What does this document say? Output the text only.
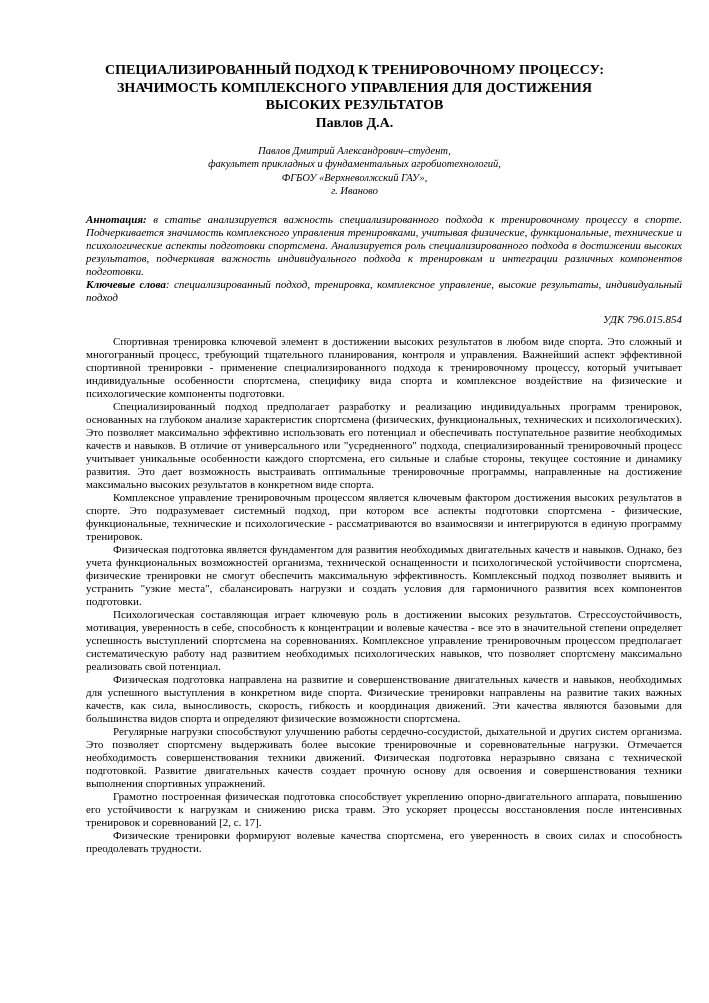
СПЕЦИАЛИЗИРОВАННЫЙ ПОДХОД К ТРЕНИРОВОЧНОМУ ПРОЦЕССУ:
ЗНАЧИМОСТЬ КОМПЛЕКСНОГО УПРАВЛЕНИЯ ДЛЯ ДОСТИЖЕНИЯ
ВЫСОКИХ РЕЗУЛЬТАТОВ
Павлов Д.А.
Павлов Дмитрий Александрович–студент,
факультет прикладных и фундаментальных агробиотехнологий,
ФГБОУ «Верхневолжский ГАУ»,
г. Иваново

Аннотация: в статье анализируется важность специализированного подхода к тренировочному процессу в спорте. Подчеркивается значимость комплексного управления тренировками, учитывая физические, функциональные, технические и психологические аспекты подготовки спортсмена. Анализируется роль специализированного подхода в достижении высоких результатов, подчеркивая важность индивидуального подхода к тренировкам и интеграции различных компонентов подготовки.

Ключевые слова: специализированный подход, тренировка, комплексное управление, высокие результаты, индивидуальный подход

УДК 796.015.854

Спортивная тренировка ключевой элемент в достижении высоких результатов в любом виде спорта. Это сложный и многогранный процесс, требующий тщательного планирования, контроля и управления. Важнейший аспект эффективной спортивной тренировки - применение специализированного подхода к тренировочному процессу, который учитывает индивидуальные особенности спортсмена, специфику вида спорта и комплексное воздействие на физические и психологические компоненты подготовки.

Специализированный подход предполагает разработку и реализацию индивидуальных программ тренировок, основанных на глубоком анализе характеристик спортсмена (физических, функциональных, технических и психологических). Это позволяет максимально эффективно использовать его потенциал и обеспечивать поступательное развитие необходимых качеств и навыков. В отличие от универсального или "усредненного" подхода, специализированный тренировочный процесс учитывает уникальные особенности каждого спортсмена, его сильные и слабые стороны, текущее состояние и динамику развития. Это дает возможность выстраивать оптимальные тренировочные программы, направленные на достижение максимально высоких результатов в конкретном виде спорта.

Комплексное управление тренировочным процессом является ключевым фактором достижения высоких результатов в спорте. Это подразумевает системный подход, при котором все аспекты подготовки спортсмена - физические, функциональные, технические и психологические - рассматриваются во взаимосвязи и интегрируются в единую программу тренировок.

Физическая подготовка является фундаментом для развития необходимых двигательных качеств и навыков. Однако, без учета функциональных возможностей организма, технической оснащенности и психологической устойчивости спортсмена, физические тренировки не смогут обеспечить максимальную эффективность. Комплексный подход позволяет выявить и устранить "узкие места", сбалансировать нагрузки и создать условия для гармоничного развития всех компонентов подготовки.

Психологическая составляющая играет ключевую роль в достижении высоких результатов. Стрессоустойчивость, мотивация, уверенность в себе, способность к концентрации и волевые качества - все это в значительной степени определяет успешность выступлений спортсмена на соревнованиях. Комплексное управление тренировочным процессом предполагает систематическую работу над развитием необходимых психологических навыков, что позволяет спортсмену максимально реализовать свой потенциал.

Физическая подготовка направлена на развитие и совершенствование двигательных качеств и навыков, необходимых для успешного выступления в конкретном виде спорта. Физические тренировки направлены на развитие таких важных качеств, как сила, выносливость, скорость, гибкость и координация движений. Эти качества являются базовыми для большинства видов спорта и определяют физические возможности спортсмена.

Регулярные нагрузки способствуют улучшению работы сердечно-сосудистой, дыхательной и других систем организма. Это позволяет спортсмену выдерживать более высокие тренировочные и соревновательные нагрузки. Отмечается необходимость совершенствования техники движений. Физическая подготовка неразрывно связана с технической подготовкой. Развитие двигательных качеств создает прочную основу для освоения и совершенствования техники выполнения спортивных упражнений.

Грамотно построенная физическая подготовка способствует укреплению опорно-двигательного аппарата, повышению его устойчивости к нагрузкам и снижению риска травм. Это ускоряет процессы восстановления после интенсивных тренировок и соревнований [2, с. 17].

Физические тренировки формируют волевые качества спортсмена, его уверенность в своих силах и способность преодолевать трудности.
